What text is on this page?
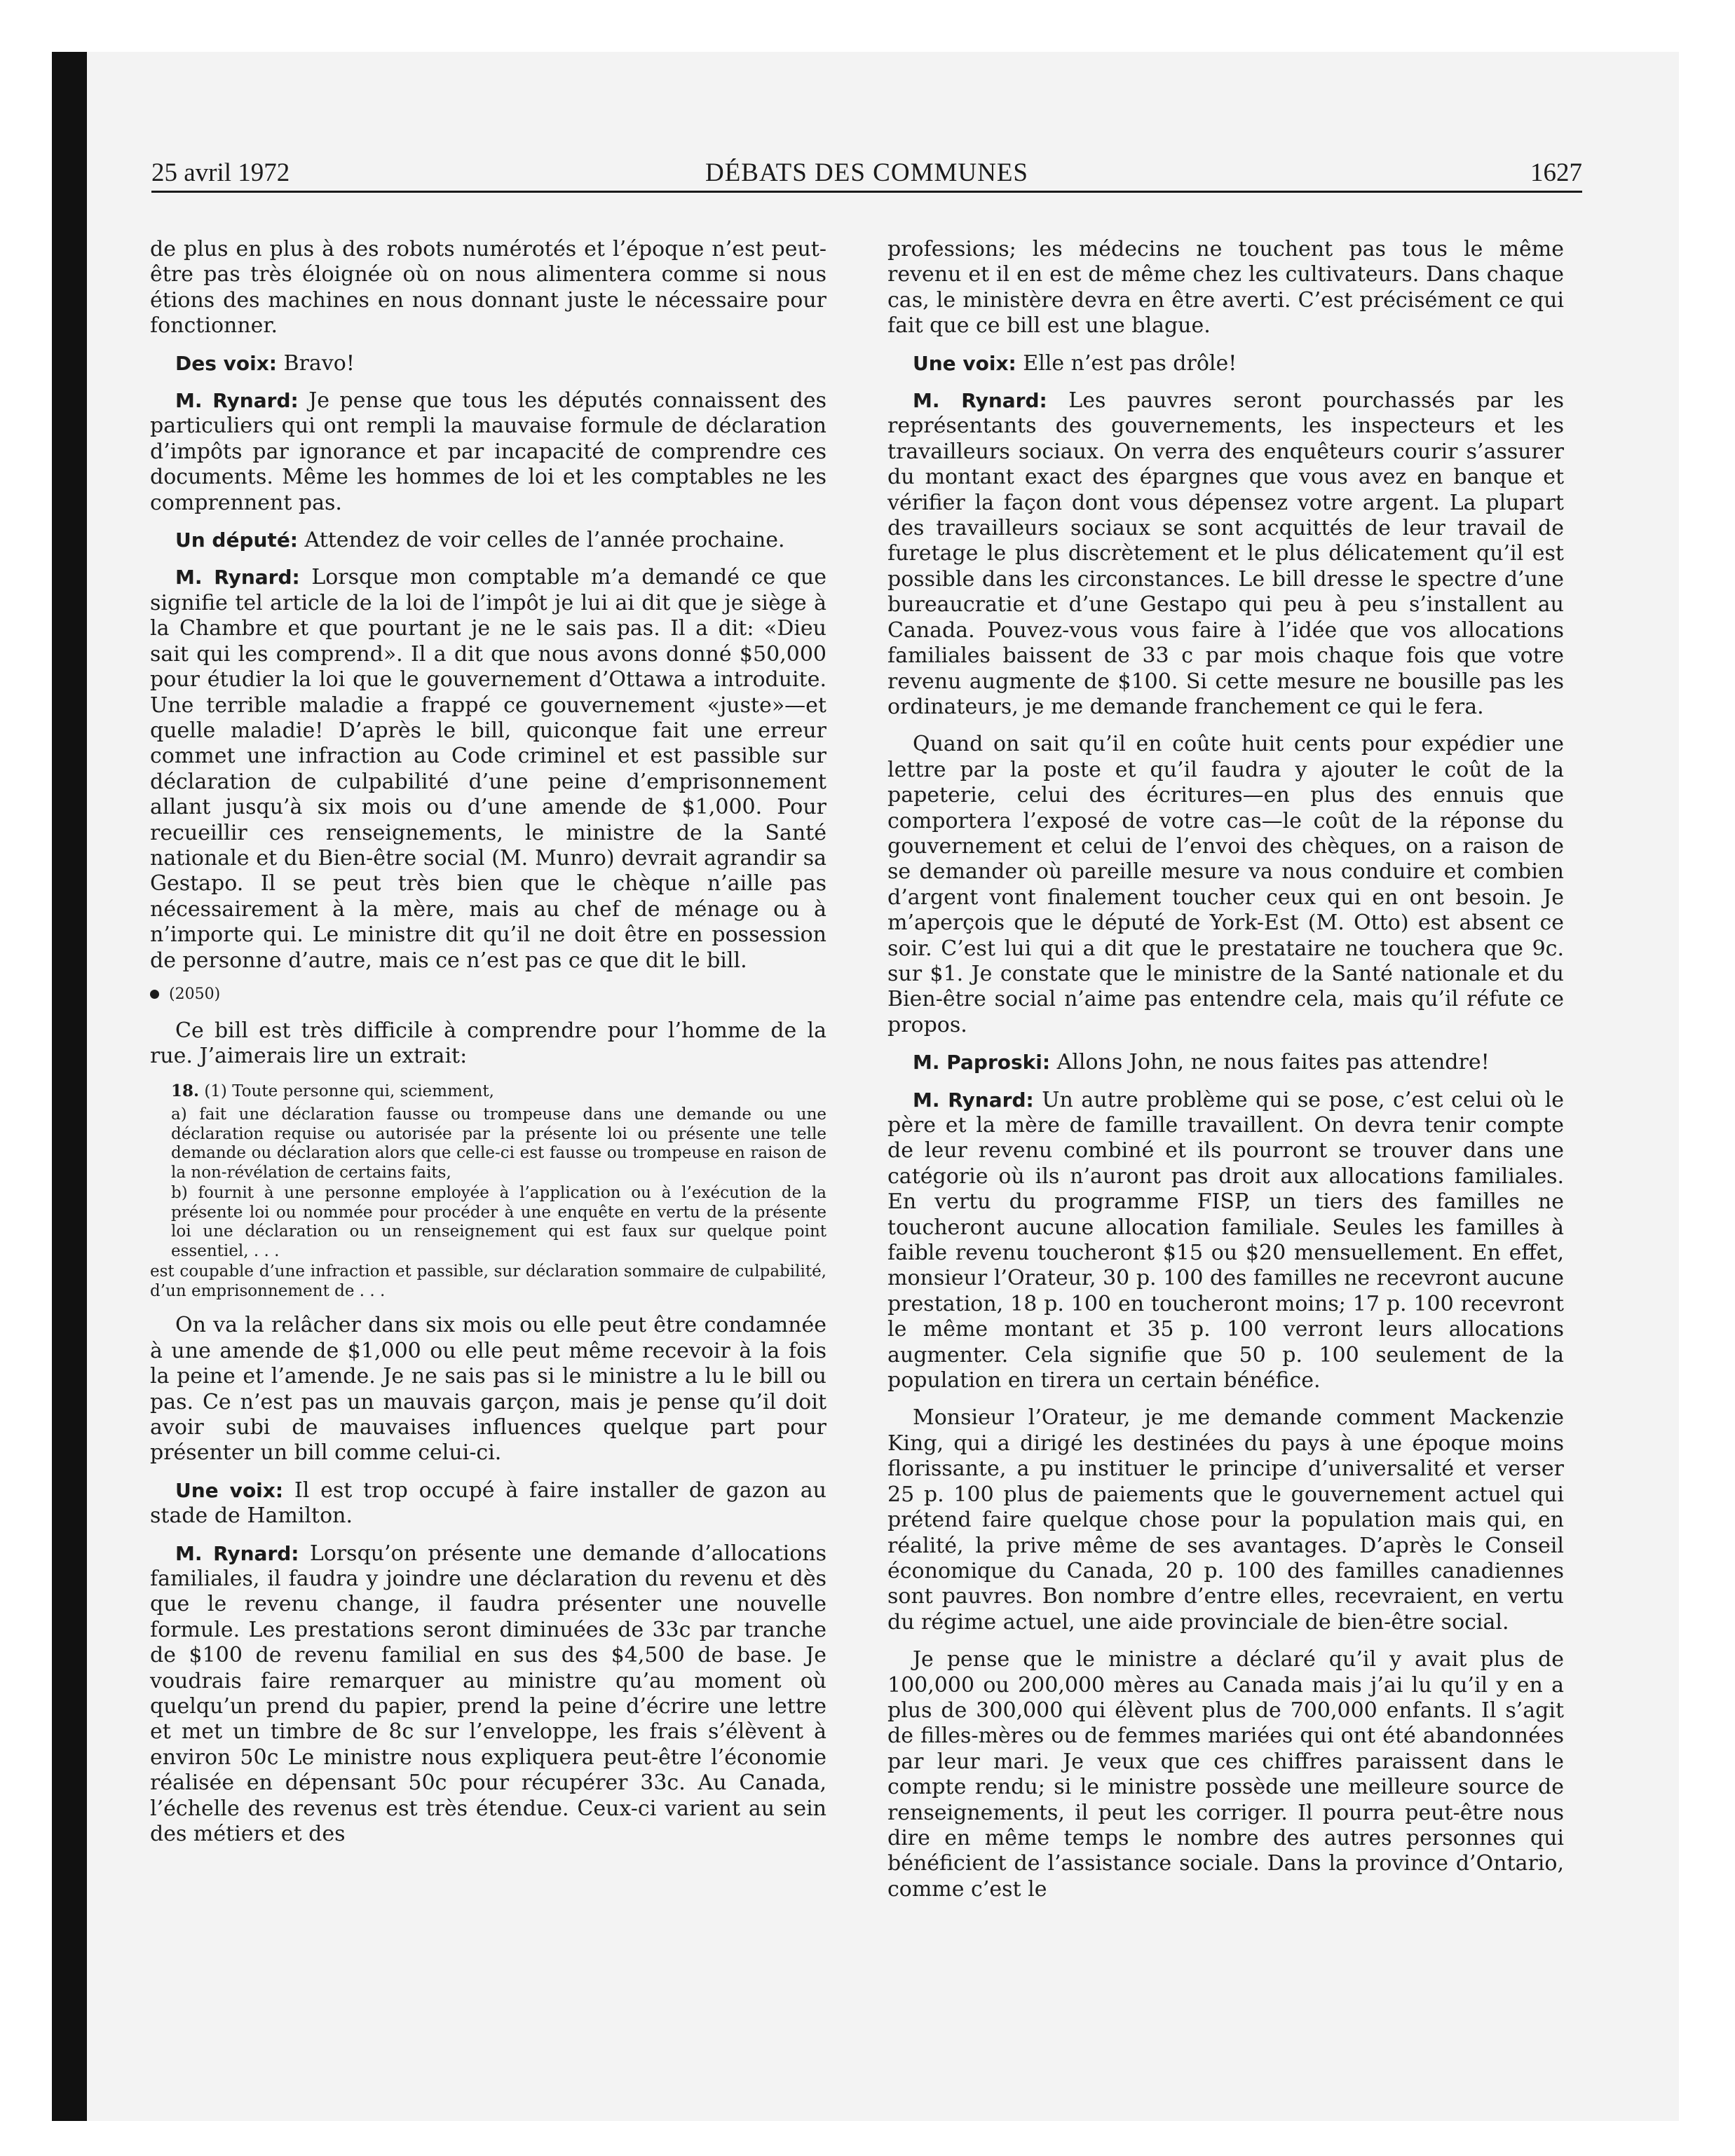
25 avril 1972	DÉBATS DES COMMUNES	1627

de plus en plus à des robots numérotés et l’époque n’est peut-être pas très éloignée où on nous alimentera comme si nous étions des machines en nous donnant juste le nécessaire pour fonctionner.

Des voix: Bravo!

M. Rynard: Je pense que tous les députés connaissent des particuliers qui ont rempli la mauvaise formule de déclaration d’impôts par ignorance et par incapacité de comprendre ces documents. Même les hommes de loi et les comptables ne les comprennent pas.

Un député: Attendez de voir celles de l’année prochaine.

M. Rynard: Lorsque mon comptable m’a demandé ce que signifie tel article de la loi de l’impôt je lui ai dit que je siège à la Chambre et que pourtant je ne le sais pas. Il a dit: «Dieu sait qui les comprend». Il a dit que nous avons donné $50,000 pour étudier la loi que le gouvernement d’Ottawa a introduite. Une terrible maladie a frappé ce gouvernement «juste»—et quelle maladie! D’après le bill, quiconque fait une erreur commet une infraction au Code criminel et est passible sur déclaration de culpabilité d’une peine d’emprisonnement allant jusqu’à six mois ou d’une amende de $1,000. Pour recueillir ces renseignements, le ministre de la Santé nationale et du Bien-être social (M. Munro) devrait agrandir sa Gestapo. Il se peut très bien que le chèque n’aille pas nécessairement à la mère, mais au chef de ménage ou à n’importe qui. Le ministre dit qu’il ne doit être en possession de personne d’autre, mais ce n’est pas ce que dit le bill.

(2050)

Ce bill est très difficile à comprendre pour l’homme de la rue. J’aimerais lire un extrait:

18. (1) Toute personne qui, sciemment,
a) fait une déclaration fausse ou trompeuse dans une demande ou une déclaration requise ou autorisée par la présente loi ou présente une telle demande ou déclaration alors que celle-ci est fausse ou trompeuse en raison de la non-révélation de certains faits,
b) fournit à une personne employée à l’application ou à l’exécution de la présente loi ou nommée pour procéder à une enquête en vertu de la présente loi une déclaration ou un renseignement qui est faux sur quelque point essentiel, . . .
est coupable d’une infraction et passible, sur déclaration sommaire de culpabilité, d’un emprisonnement de . . .

On va la relâcher dans six mois ou elle peut être condamnée à une amende de $1,000 ou elle peut même recevoir à la fois la peine et l’amende. Je ne sais pas si le ministre a lu le bill ou pas. Ce n’est pas un mauvais garçon, mais je pense qu’il doit avoir subi de mauvaises influences quelque part pour présenter un bill comme celui-ci.

Une voix: Il est trop occupé à faire installer de gazon au stade de Hamilton.

M. Rynard: Lorsqu’on présente une demande d’allocations familiales, il faudra y joindre une déclaration du revenu et dès que le revenu change, il faudra présenter une nouvelle formule. Les prestations seront diminuées de 33c par tranche de $100 de revenu familial en sus des $4,500 de base. Je voudrais faire remarquer au ministre qu’au moment où quelqu’un prend du papier, prend la peine d’écrire une lettre et met un timbre de 8c sur l’enveloppe, les frais s’élèvent à environ 50c Le ministre nous expliquera peut-être l’économie réalisée en dépensant 50c pour récupérer 33c. Au Canada, l’échelle des revenus est très étendue. Ceux-ci varient au sein des métiers et des

professions; les médecins ne touchent pas tous le même revenu et il en est de même chez les cultivateurs. Dans chaque cas, le ministère devra en être averti. C’est précisément ce qui fait que ce bill est une blague.

Une voix: Elle n’est pas drôle!

M. Rynard: Les pauvres seront pourchassés par les représentants des gouvernements, les inspecteurs et les travailleurs sociaux. On verra des enquêteurs courir s’assurer du montant exact des épargnes que vous avez en banque et vérifier la façon dont vous dépensez votre argent. La plupart des travailleurs sociaux se sont acquittés de leur travail de furetage le plus discrètement et le plus délicatement qu’il est possible dans les circonstances. Le bill dresse le spectre d’une bureaucratie et d’une Gestapo qui peu à peu s’installent au Canada. Pouvez-vous vous faire à l’idée que vos allocations familiales baissent de 33 c par mois chaque fois que votre revenu augmente de $100. Si cette mesure ne bousille pas les ordinateurs, je me demande franchement ce qui le fera.

Quand on sait qu’il en coûte huit cents pour expédier une lettre par la poste et qu’il faudra y ajouter le coût de la papeterie, celui des écritures—en plus des ennuis que comportera l’exposé de votre cas—le coût de la réponse du gouvernement et celui de l’envoi des chèques, on a raison de se demander où pareille mesure va nous conduire et combien d’argent vont finalement toucher ceux qui en ont besoin. Je m’aperçois que le député de York-Est (M. Otto) est absent ce soir. C’est lui qui a dit que le prestataire ne touchera que 9c. sur $1. Je constate que le ministre de la Santé nationale et du Bien-être social n’aime pas entendre cela, mais qu’il réfute ce propos.

M. Paproski: Allons John, ne nous faites pas attendre!

M. Rynard: Un autre problème qui se pose, c’est celui où le père et la mère de famille travaillent. On devra tenir compte de leur revenu combiné et ils pourront se trouver dans une catégorie où ils n’auront pas droit aux allocations familiales. En vertu du programme FISP, un tiers des familles ne toucheront aucune allocation familiale. Seules les familles à faible revenu toucheront $15 ou $20 mensuellement. En effet, monsieur l’Orateur, 30 p. 100 des familles ne recevront aucune prestation, 18 p. 100 en toucheront moins; 17 p. 100 recevront le même montant et 35 p. 100 verront leurs allocations augmenter. Cela signifie que 50 p. 100 seulement de la population en tirera un certain bénéfice.

Monsieur l’Orateur, je me demande comment Mackenzie King, qui a dirigé les destinées du pays à une époque moins florissante, a pu instituer le principe d’universalité et verser 25 p. 100 plus de paiements que le gouvernement actuel qui prétend faire quelque chose pour la population mais qui, en réalité, la prive même de ses avantages. D’après le Conseil économique du Canada, 20 p. 100 des familles canadiennes sont pauvres. Bon nombre d’entre elles, recevraient, en vertu du régime actuel, une aide provinciale de bien-être social.

Je pense que le ministre a déclaré qu’il y avait plus de 100,000 ou 200,000 mères au Canada mais j’ai lu qu’il y en a plus de 300,000 qui élèvent plus de 700,000 enfants. Il s’agit de filles-mères ou de femmes mariées qui ont été abandonnées par leur mari. Je veux que ces chiffres paraissent dans le compte rendu; si le ministre possède une meilleure source de renseignements, il peut les corriger. Il pourra peut-être nous dire en même temps le nombre des autres personnes qui bénéficient de l’assistance sociale. Dans la province d’Ontario, comme c’est le
